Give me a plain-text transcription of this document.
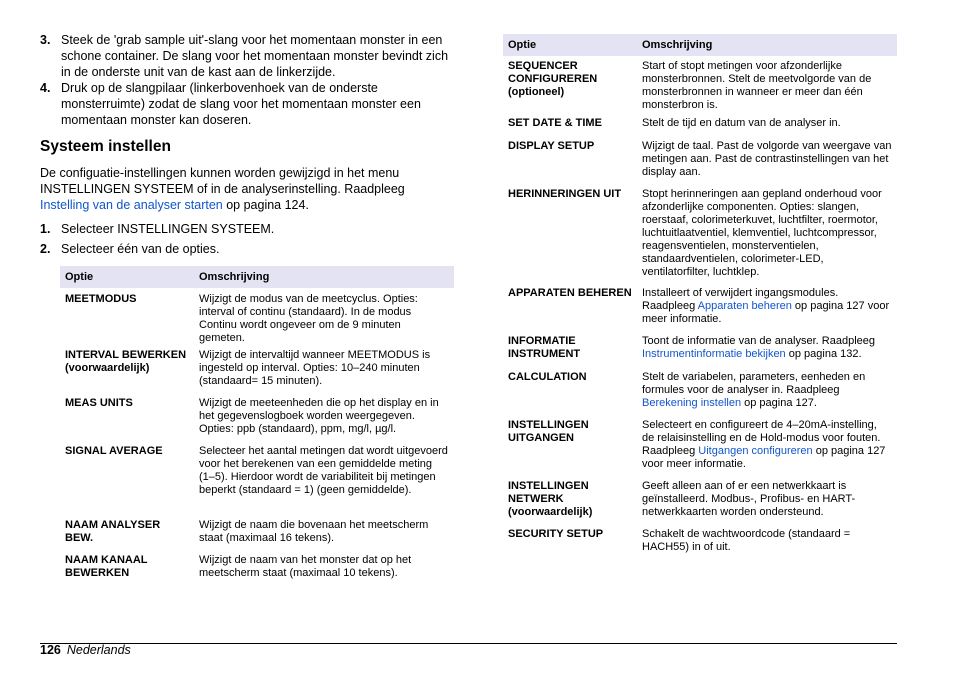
3. Steek de 'grab sample uit'-slang voor het momentaan monster in een schone container. De slang voor het momentaan monster bevindt zich in de onderste unit van de kast aan de linkerzijde.
4. Druk op de slangpilaar (linkerbovenhoek van de onderste monsterruimte) zodat de slang voor het momentaan monster een momentaan monster kan doseren.
Systeem instellen
De configuatie-instellingen kunnen worden gewijzigd in het menu INSTELLINGEN SYSTEEM of in de analyserinstelling. Raadpleeg Instelling van de analyser starten op pagina 124.
1. Selecteer INSTELLINGEN SYSTEEM.
2. Selecteer één van de opties.
Optie	Omschrijving
MEETMODUS	Wijzigt de modus van de meetcyclus. Opties: interval of continu (standaard). In de modus Continu wordt ongeveer om de 9 minuten gemeten.
INTERVAL BEWERKEN (voorwaardelijk)	Wijzigt de intervaltijd wanneer MEETMODUS is ingesteld op interval. Opties: 10–240 minuten (standaard= 15 minuten).
MEAS UNITS	Wijzigt de meeteenheden die op het display en in het gegevenslogboek worden weergegeven. Opties: ppb (standaard), ppm, mg/l, µg/l.
SIGNAL AVERAGE	Selecteer het aantal metingen dat wordt uitgevoerd voor het berekenen van een gemiddelde meting (1–5). Hierdoor wordt de variabiliteit bij metingen beperkt (standaard = 1) (geen gemiddelde).
NAAM ANALYSER BEW.	Wijzigt de naam die bovenaan het meetscherm staat (maximaal 16 tekens).
NAAM KANAAL BEWERKEN	Wijzigt de naam van het monster dat op het meetscherm staat (maximaal 10 tekens).
Optie	Omschrijving
SEQUENCER CONFIGUREREN (optioneel)	Start of stopt metingen voor afzonderlijke monsterbronnen. Stelt de meetvolgorde van de monsterbronnen in wanneer er meer dan één monsterbron is.
SET DATE & TIME	Stelt de tijd en datum van de analyser in.
DISPLAY SETUP	Wijzigt de taal. Past de volgorde van weergave van metingen aan. Past de contrastinstellingen van het display aan.
HERINNERINGEN UIT	Stopt herinneringen aan gepland onderhoud voor afzonderlijke componenten. Opties: slangen, roerstaaf, colorimeterkuvet, luchtfilter, roermotor, luchtuitlaatventiel, klemventiel, luchtcompressor, reagensventielen, monsterventielen, standaardventielen, colorimeter-LED, ventilatorfilter, luchtklep.
APPARATEN BEHEREN	Installeert of verwijdert ingangsmodules. Raadpleeg Apparaten beheren op pagina 127 voor meer informatie.
INFORMATIE INSTRUMENT	Toont de informatie van de analyser. Raadpleeg Instrumentinformatie bekijken op pagina 132.
CALCULATION	Stelt de variabelen, parameters, eenheden en formules voor de analyser in. Raadpleeg Berekening instellen op pagina 127.
INSTELLINGEN UITGANGEN	Selecteert en configureert de 4–20mA-instelling, de relaisinstelling en de Hold-modus voor fouten. Raadpleeg Uitgangen configureren op pagina 127 voor meer informatie.
INSTELLINGEN NETWERK (voorwaardelijk)	Geeft alleen aan of er een netwerkkaart is geïnstalleerd. Modbus-, Profibus- en HART-netwerkkaarten worden ondersteund.
SECURITY SETUP	Schakelt de wachtwoordcode (standaard = HACH55) in of uit.
126 Nederlands
